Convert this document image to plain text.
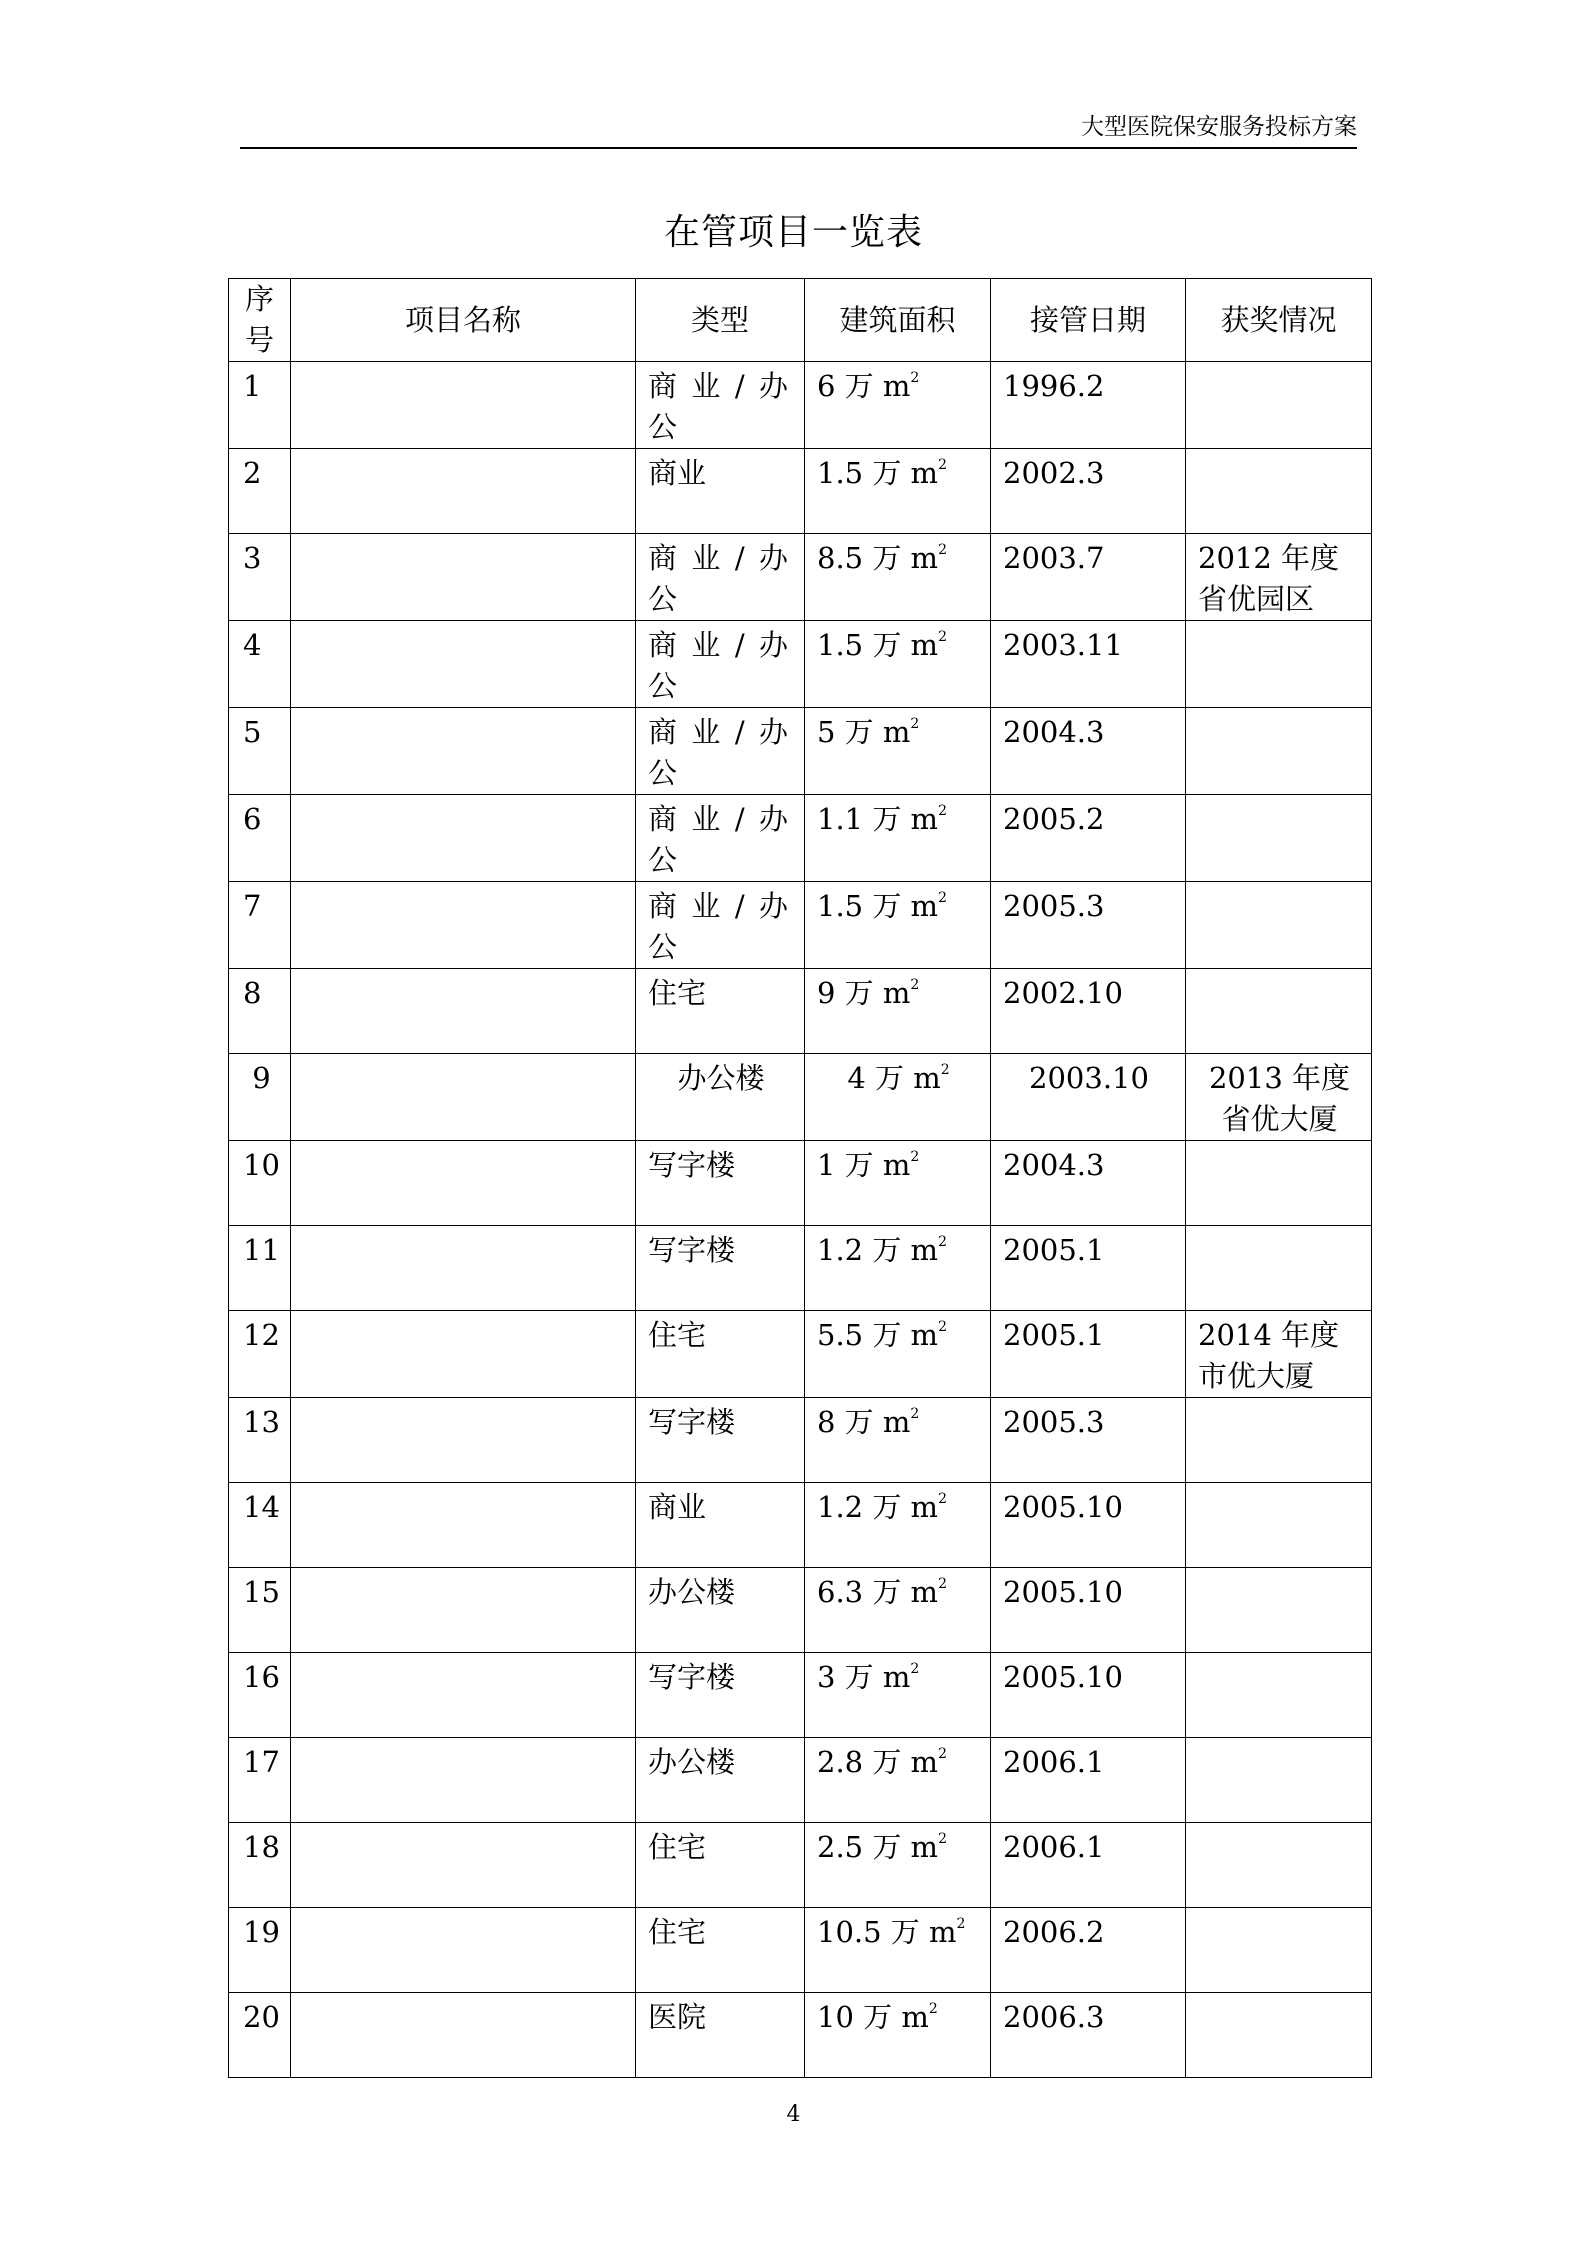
大型医院保安服务投标方案
在管项目一览表
序号	项目名称	类型	建筑面积	接管日期	获奖情况
1		商业/办公	6 万 $m^2$	1996.2	
2		商业	1.5 万 $m^2$	2002.3	
3		商业/办公	8.5 万 $m^2$	2003.7	2012 年度省优园区
4		商业/办公	1.5 万 $m^2$	2003.11	
5		商业/办公	5 万 $m^2$	2004.3	
6		商业/办公	1.1 万 $m^2$	2005.2	
7		商业/办公	1.5 万 $m^2$	2005.3	
8		住宅	9 万 $m^2$	2002.10	
9		办公楼	4 万 $m^2$	2003.10	2013 年度省优大厦
10		写字楼	1 万 $m^2$	2004.3	
11		写字楼	1.2 万 $m^2$	2005.1	
12		住宅	5.5 万 $m^2$	2005.1	2014 年度市优大厦
13		写字楼	8 万 $m^2$	2005.3	
14		商业	1.2 万 $m^2$	2005.10	
15		办公楼	6.3 万 $m^2$	2005.10	
16		写字楼	3 万 $m^2$	2005.10	
17		办公楼	2.8 万 $m^2$	2006.1	
18		住宅	2.5 万 $m^2$	2006.1	
19		住宅	10.5 万 $m^2$	2006.2	
20		医院	10 万 $m^2$	2006.3	
4
